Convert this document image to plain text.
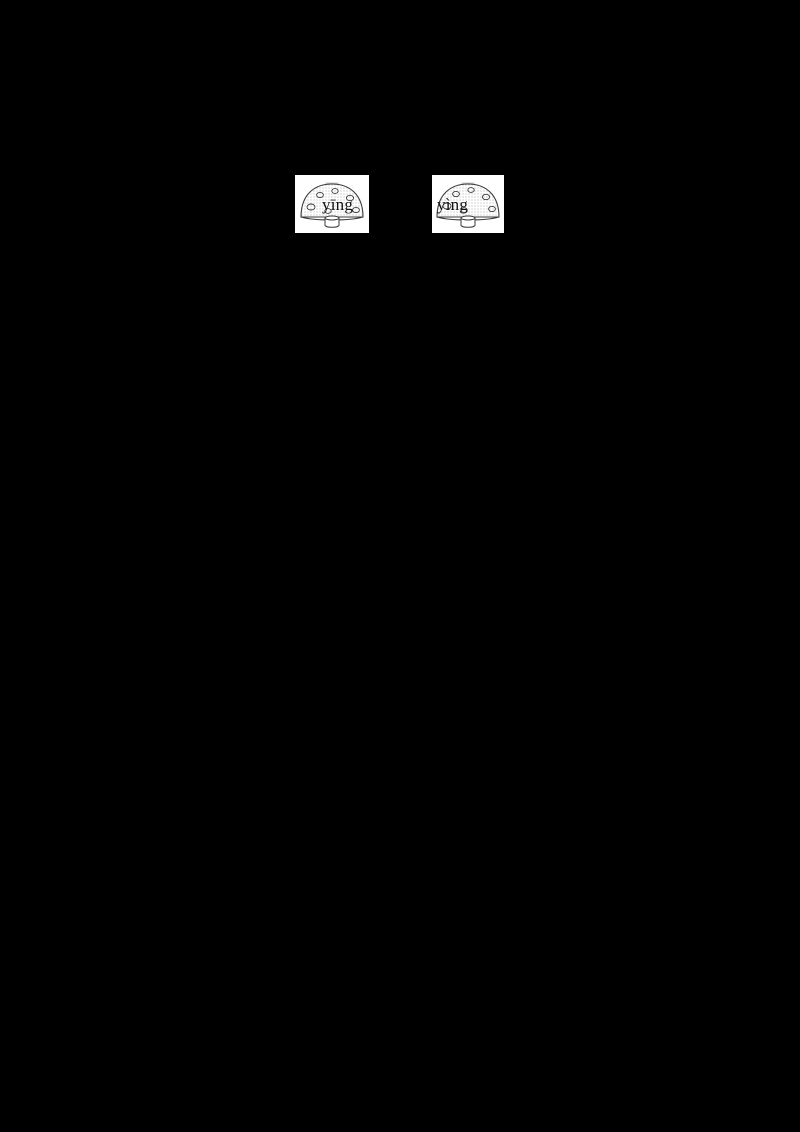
yīng	yìng
